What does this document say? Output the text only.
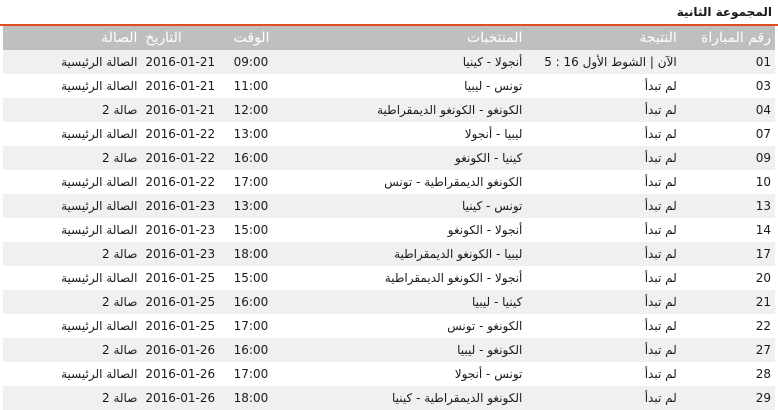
المجموعة الثانية
رقم المباراة	النتيجة	المنتخبات	الوقت	التاريخ	الصالة
01	الآن | الشوط الأول 16 : 5	أنجولا - كينيا	09:00	2016-01-21	الصالة الرئيسية
03	لم تبدأ	تونس - ليبيا	11:00	2016-01-21	الصالة الرئيسية
04	لم تبدأ	الكونغو - الكونغو الديمقراطية	12:00	2016-01-21	صالة 2
07	لم تبدأ	ليبيا - أنجولا	13:00	2016-01-22	الصالة الرئيسية
09	لم تبدأ	كينيا - الكونغو	16:00	2016-01-22	صالة 2
10	لم تبدأ	الكونغو الديمقراطية - تونس	17:00	2016-01-22	الصالة الرئيسية
13	لم تبدأ	تونس - كينيا	13:00	2016-01-23	الصالة الرئيسية
14	لم تبدأ	أنجولا - الكونغو	15:00	2016-01-23	الصالة الرئيسية
17	لم تبدأ	ليبيا - الكونغو الديمقراطية	18:00	2016-01-23	صالة 2
20	لم تبدأ	أنجولا - الكونغو الديمقراطية	15:00	2016-01-25	الصالة الرئيسية
21	لم تبدأ	كينيا - ليبيا	16:00	2016-01-25	صالة 2
22	لم تبدأ	الكونغو - تونس	17:00	2016-01-25	الصالة الرئيسية
27	لم تبدأ	الكونغو - ليبيا	16:00	2016-01-26	صالة 2
28	لم تبدأ	تونس - أنجولا	17:00	2016-01-26	الصالة الرئيسية
29	لم تبدأ	الكونغو الديمقراطية - كينيا	18:00	2016-01-26	صالة 2
